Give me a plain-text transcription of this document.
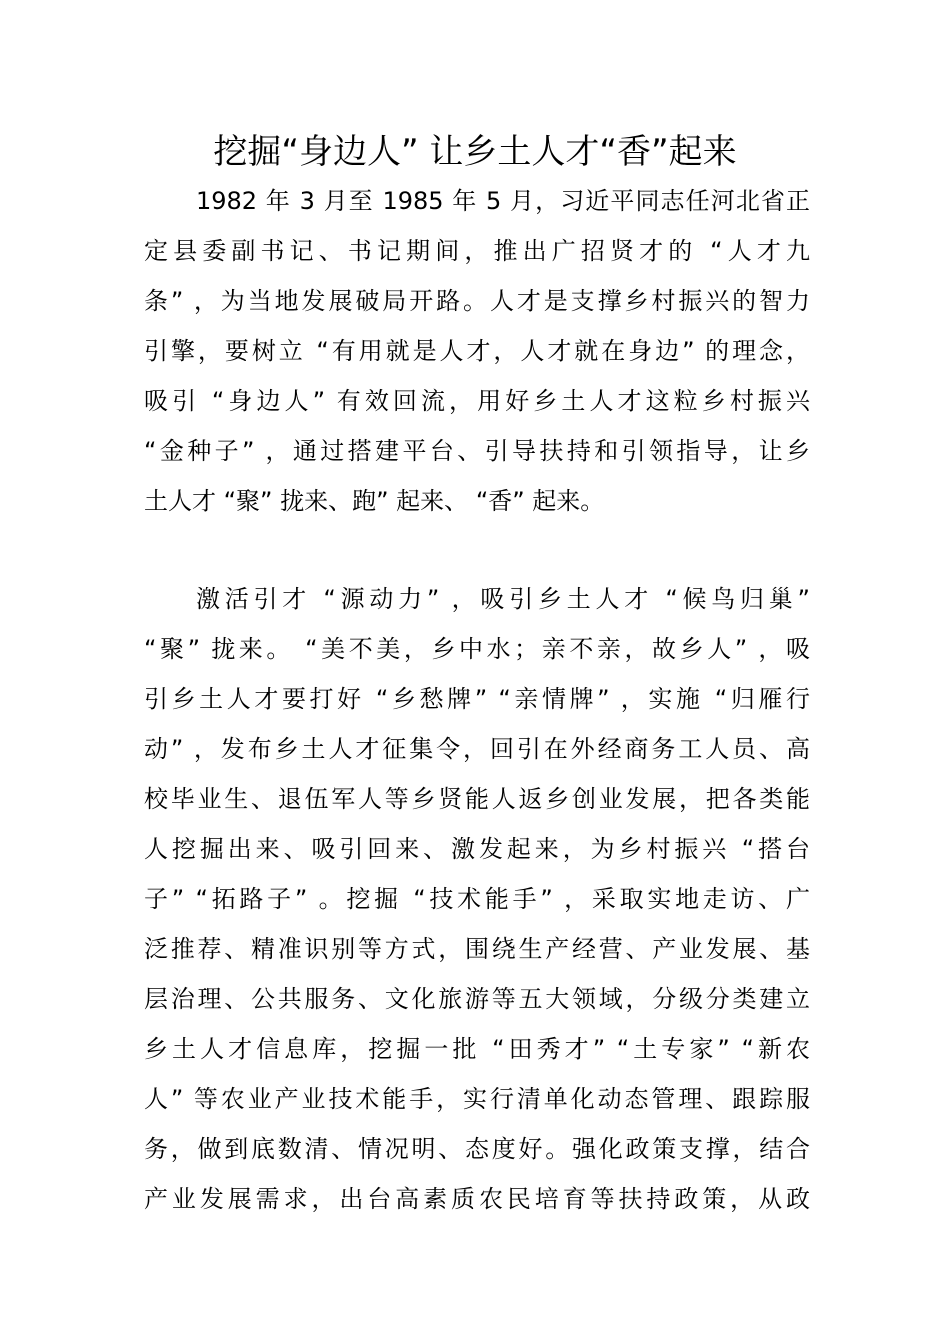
挖掘“身边人” 让乡土人才“香”起来
1982 年 3 月至 1985 年 5 月，习近平同志任河北省正
定县委副书记、书记期间，推出广招贤才的 “人才九
条” ，为当地发展破局开路。人才是支撑乡村振兴的智力
引擎，要树立 “有用就是人才，人才就在身边” 的理念，
吸引 “身边人” 有效回流，用好乡土人才这粒乡村振兴
“金种子” ，通过搭建平台、引导扶持和引领指导，让乡
土人才 “聚” 拢来、跑” 起来、 “香” 起来。
激活引才 “源动力” ，吸引乡土人才 “候鸟归巢”
“聚” 拢来。 “美不美，乡中水；亲不亲，故乡人” ，吸
引乡土人才要打好 “乡愁牌” “亲情牌” ，实施 “归雁行
动” ，发布乡土人才征集令，回引在外经商务工人员、高
校毕业生、退伍军人等乡贤能人返乡创业发展，把各类能
人挖掘出来、吸引回来、激发起来，为乡村振兴 “搭台
子” “拓路子” 。挖掘 “技术能手” ，采取实地走访、广
泛推荐、精准识别等方式，围绕生产经营、产业发展、基
层治理、公共服务、文化旅游等五大领域，分级分类建立
乡土人才信息库，挖掘一批 “田秀才” “土专家” “新农
人” 等农业产业技术能手，实行清单化动态管理、跟踪服
务，做到底数清、情况明、态度好。强化政策支撑，结合
产业发展需求，出台高素质农民培育等扶持政策，从政
